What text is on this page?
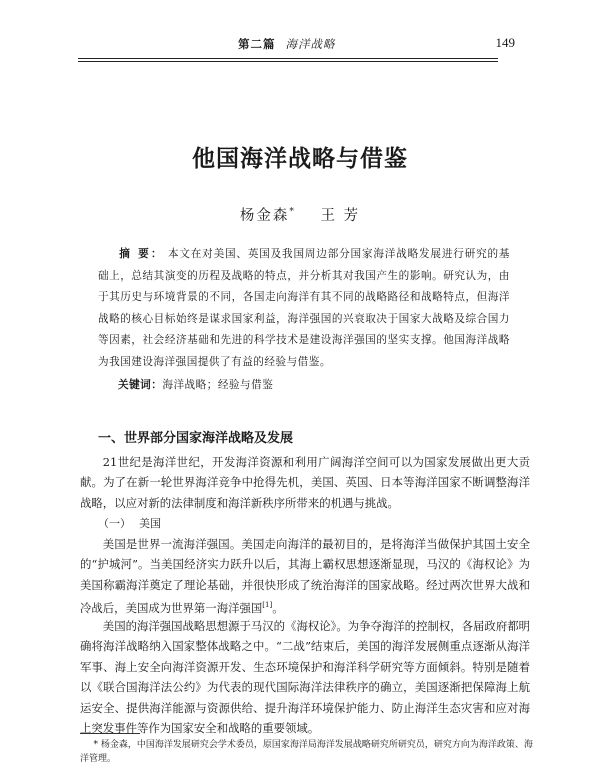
第二篇 海洋战略	149
他国海洋战略与借鉴
杨金森* 王 芳
摘 要： 本文在对美国、英国及我国周边部分国家海洋战略发展进行研究的基础上，总结其演变的历程及战略的特点，并分析其对我国产生的影响。研究认为，由于其历史与环境背景的不同，各国走向海洋有其不同的战略路径和战略特点，但海洋战略的核心目标始终是谋求国家利益，海洋强国的兴衰取决于国家大战略及综合国力等因素，社会经济基础和先进的科学技术是建设海洋强国的坚实支撑。他国海洋战略为我国建设海洋强国提供了有益的经验与借鉴。
关键词：海洋战略；经验与借鉴
一、世界部分国家海洋战略及发展
21世纪是海洋世纪，开发海洋资源和利用广阔海洋空间可以为国家发展做出更大贡献。为了在新一轮世界海洋竞争中抢得先机，美国、英国、日本等海洋国家不断调整海洋战略，以应对新的法律制度和海洋新秩序所带来的机遇与挑战。
（一） 美国
美国是世界一流海洋强国。美国走向海洋的最初目的，是将海洋当做保护其国土安全的“护城河”。当美国经济实力跃升以后，其海上霸权思想逐渐显现，马汉的《海权论》为美国称霸海洋奠定了理论基础，并很快形成了统治海洋的国家战略。经过两次世界大战和冷战后，美国成为世界第一海洋强国[1]。
美国的海洋强国战略思想源于马汉的《海权论》。为争夺海洋的控制权，各届政府都明确将海洋战略纳入国家整体战略之中。“二战”结束后，美国的海洋发展侧重点逐渐从海洋军事、海上安全向海洋资源开发、生态环境保护和海洋科学研究等方面倾斜。特别是随着以《联合国海洋法公约》为代表的现代国际海洋法律秩序的确立，美国逐渐把保障海上航运安全、提供海洋能源与资源供给、提升海洋环境保护能力、防止海洋生态灾害和应对海上突发事件等作为国家安全和战略的重要领域。
* 杨金森，中国海洋发展研究会学术委员，原国家海洋局海洋发展战略研究所研究员，研究方向为海洋政策、海洋管理。
